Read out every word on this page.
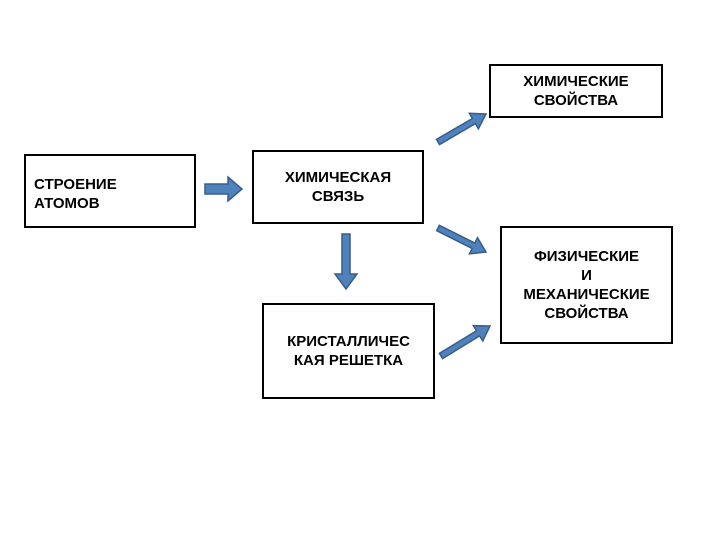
СТРОЕНИЕ
АТОМОВ
ХИМИЧЕСКАЯ
СВЯЗЬ
ХИМИЧЕСКИЕ
СВОЙСТВА
КРИСТАЛЛИЧЕС
КАЯ РЕШЕТКА
ФИЗИЧЕСКИЕ
И
МЕХАНИЧЕСКИЕ
СВОЙСТВА
